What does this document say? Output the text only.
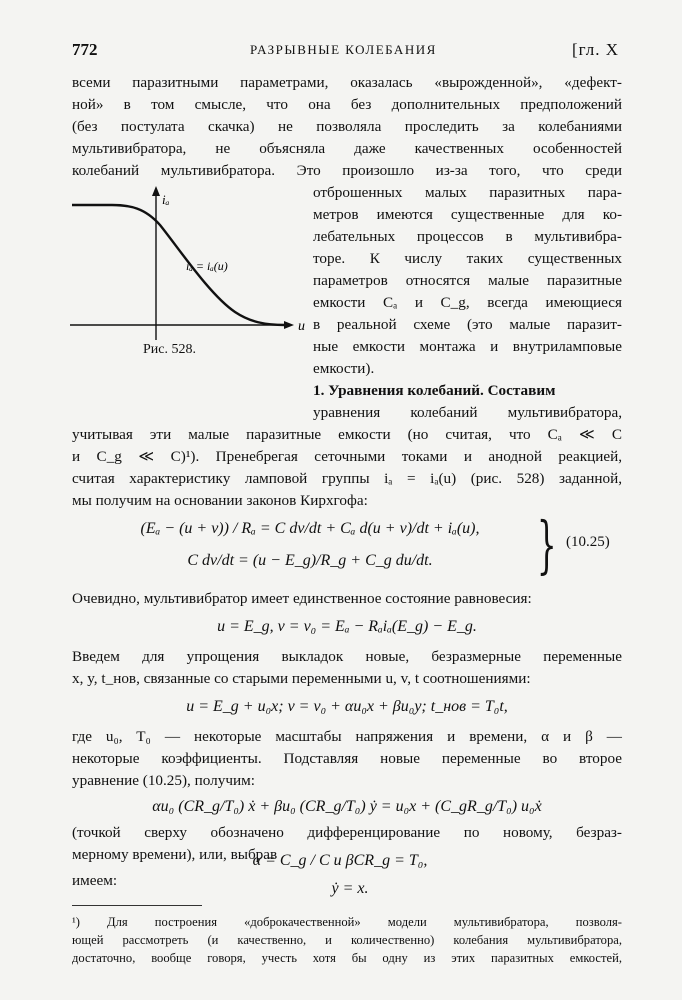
772	РАЗРЫВНЫЕ КОЛЕБАНИЯ	[гл. X
всеми паразитными параметрами, оказалась «вырожденной», «дефект-
ной» в том смысле, что она без дополнительных предположений
(без постулата скачка) не позволяла проследить за колебаниями
мультивибратора, не объясняла даже качественных особенностей
колебаний мультивибратора. Это произошло из-за того, что среди
iₐ
u
iₐ = iₐ(u)
Рис. 528.
отброшенных малых паразитных пара-
метров имеются существенные для ко-
лебательных процессов в мультивибра-
торе. К числу таких существенных
параметров относятся малые паразитные
емкости Cₐ и C_g, всегда имеющиеся
в реальной схеме (это малые паразит-
ные емкости монтажа и внутриламповые
емкости).
1. Уравнения колебаний. Составим
уравнения колебаний мультивибратора,
учитывая эти малые паразитные емкости (но считая, что Cₐ ≪ C
и C_g ≪ C)¹). Пренебрегая сеточными токами и анодной реакцией,
считая характеристику ламповой группы iₐ = iₐ(u) (рис. 528) заданной,
мы получим на основании законов Кирхгофа:
(Eₐ − (u + v)) / Rₐ = C dv/dt + Cₐ d(u + v)/dt + iₐ(u),
C dv/dt = (u − E_g)/R_g + C_g du/dt.	} (10.25)
Очевидно, мультивибратор имеет единственное состояние равновесия:
u = E_g, v = v₀ = Eₐ − Rₐiₐ(E_g) − E_g.
Введем для упрощения выкладок новые, безразмерные переменные
x, y, t_нов, связанные со старыми переменными u, v, t соотношениями:
u = E_g + u₀x; v = v₀ + αu₀x + βu₀y; t_нов = T₀t,
где u₀, T₀ — некоторые масштабы напряжения и времени, α и β —
некоторые коэффициенты. Подставляя новые переменные во второе
уравнение (10.25), получим:
αu₀ (CR_g/T₀) ẋ + βu₀ (CR_g/T₀) ẏ = u₀x + (C_gR_g/T₀) u₀ẋ
(точкой сверху обозначено дифференцирование по новому, безраз-
мерному времени), или, выбрав
α = C_g / C и βCR_g = T₀,
имеем:	ẏ = x.
¹) Для построения «доброкачественной» модели мультивибратора, позволя-
ющей рассмотреть (и качественно, и количественно) колебания мультивибратора,
достаточно, вообще говоря, учесть хотя бы одну из этих паразитных емкостей,
